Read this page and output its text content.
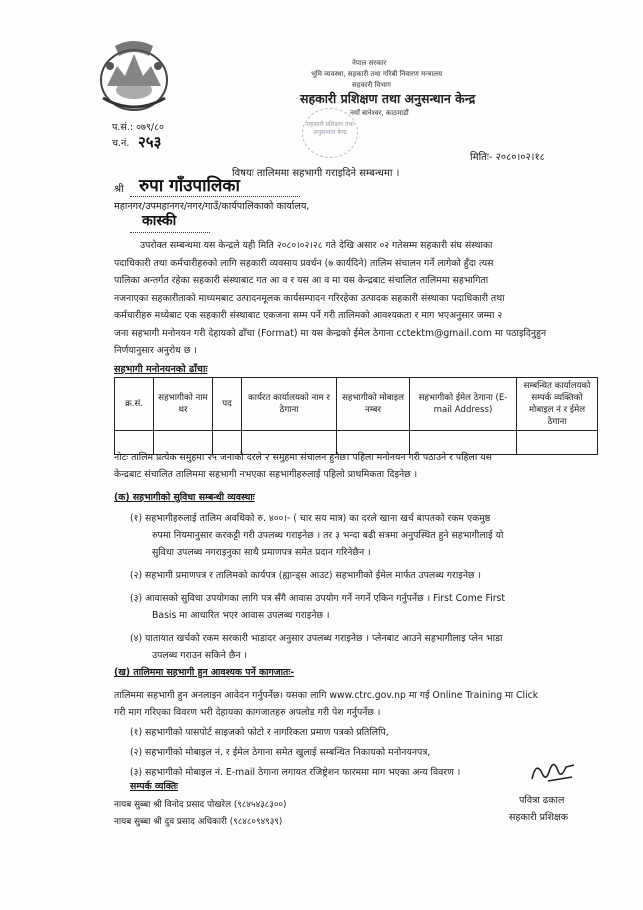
नेपाल सरकार
भूमि व्यवस्था, सहकारी तथा गरिबी निवारण मन्त्रालय
सहकारी विभाग
सहकारी प्रशिक्षण तथा अनुसन्धान केन्द्र
नयाँ बानेश्वर, काठमाडौं
सहकारी प्रशिक्षण तथा अनुसन्धान केन्द्र
प.सं.: ०७९/८०
च.नं. २५३
मितिः- २०८०।०२।१८
विषयः तालिममा सहभागी गराइदिने सम्बन्धमा ।
श्री रुपा गाँउपालिका
महानगर/उपमहानगर/नगर/गाउँ/कार्यपालिकाको कार्यालय,
कास्की
उपरोक्त सम्बन्धमा यस केन्द्रले यही मिति २०८०।०२।२८ गते देखि असार ०२ गतेसम्म सहकारी संघ संस्थाका
पदाधिकारी तथा कर्मचारीहरुको लागि सहकारी व्यवसाय प्रवर्धन (७ कार्यदिने) तालिम संचालन गर्ने लागेको हुँदा त्यस
पालिका अन्तर्गत रहेका सहकारी संस्थाबाट गत आ व र यस आ व मा यस केन्द्रबाट संचालित तालिममा सहभागिता
नजनाएका सहकारीताको माध्यमबाट उत्पादनमूलक कार्यसम्पादन गरिरहेका उत्पादक सहकारी संस्थाका पदाधिकारी तथा
कर्मचारीहरु मध्येबाट एक सहकारी संस्थाबाट एकजना सम्म पर्ने गरी तालिमको आवश्यकता र माग भएअनुसार जम्मा २
जना सहभागी मनोनयन गरी देहायको ढाँचा (Format) मा यस केन्द्रको ईमेल ठेगाना cctektm@gmail.com मा पठाइदिनुहुन
निर्णयानुसार अनुरोध छ ।
सहभागी मनोनयनको ढाँचाः
क्र.सं.	सहभागीको नाम थर	पद	कार्यरत कार्यालयको नाम र ठेगाना	सहभागीको मोबाइल नम्बर	सहभागीको ईमेल ठेगाना (E-mail Address)	सम्बन्धित कार्यालयको सम्पर्क व्यक्तिको मोबाइल नं र ईमेल ठेगाना

नोटः तालिम प्रत्येक समुहमा २५ जनाको दरले २ समुहमा संचालन हुनेछ। पहिला मनोनयन गरी पठाउने र पहिला यस
केन्द्रबाट संचालित तालिममा सहभागी नभएका सहभागीहरुलाई पहिलो प्राथमिकता दिइनेछ ।
(क) सहभागीको सुविधा सम्बन्धी व्यवस्थाः
(१) सहभागीहरुलाई तालिम अवधिको रु. ४००।- ( चार सय मात्र) का दरले खाना खर्च बापतको रकम एकमुष्ठ
रुपमा नियमानुसार करकट्टी गरी उपलब्ध गराइनेछ । तर ३ भन्दा बढी सत्रमा अनुपस्थित हुने सहभागीलाई यो
सुविधा उपलब्ध नगराइनुका साथै प्रमाणपत्र समेत प्रदान गरिनेछैन ।
(२) सहभागी प्रमाणपत्र र तालिमको कार्यपत्र (ह्यान्ड्स आउट) सहभागीको ईमेल मार्फत उपलब्ध गराइनेछ ।
(३) आवासको सुविधा उपयोगका लागि पत्र सँगै आवास उपयोग गर्ने नगर्ने एकिन गर्नुपर्नेछ । First Come First
Basis मा आधारित भएर आवास उपलब्ध गराइनेछ ।
(४) यातायात खर्चको रकम सरकारी भाडादर अनुसार उपलब्ध गराइनेछ । प्लेनबाट आउने सहभागीलाइ प्लेन भाडा
उपलब्ध गराउन सकिने छैन ।
(ख) तालिममा सहभागी हुन आवश्यक पर्ने कागजातः-
तालिममा सहभागी हुन अनलाइन आवेदन गर्नुपर्नेछ। यसका लागि www.ctrc.gov.np मा गई Online Training मा Click
गरी माग गरिएका विवरण भरी देहायका कागजातहरु अपलोड गरी पेश गर्नुपर्नेछ ।
(१) सहभागीको पासपोर्ट साइजको फोटो र नागरिकता प्रमाण पत्रको प्रतिलिपि,
(२) सहभागीको मोबाइल नं. र ईमेल ठेगाना समेत खुलाई सम्बन्धित निकायको मनोनयनपत्र,
(३) सहभागीको मोबाइल नं. E-mail ठेगाना लगायत रजिष्ट्रेशन फारममा माग भएका अन्य विवरण ।
सम्पर्क व्यक्तिः
नायब सुब्बा श्री विनोद प्रसाद पोखरेल (९८४५४३८३००)
नायब सुब्बा श्री दुव प्रसाद अधिकारी (९८४८०९४९३९)
पवित्रा ढकाल
सहकारी प्रशिक्षक
